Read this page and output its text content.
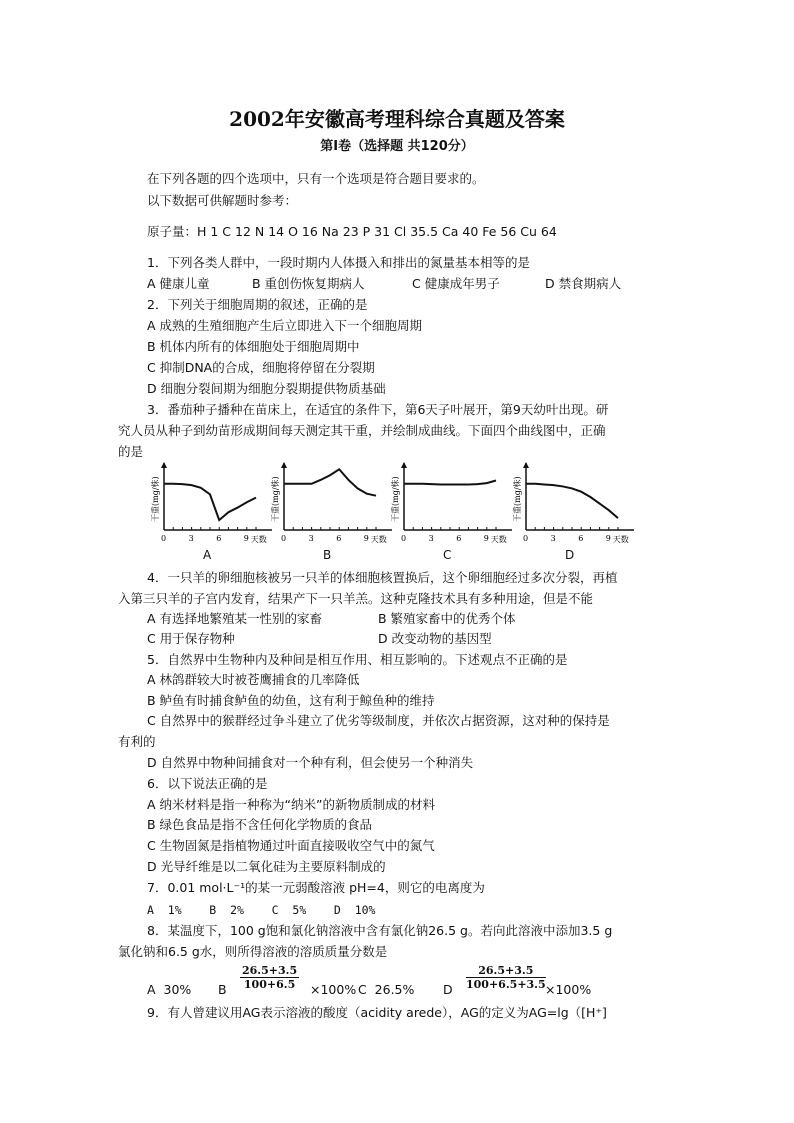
2002年安徽高考理科综合真题及答案
第I卷（选择题 共120分）
在下列各题的四个选项中，只有一个选项是符合题目要求的。
以下数据可供解题时参考：
原子量：H 1 C 12 N 14 O 16 Na 23 P 31 Cl 35.5 Ca 40 Fe 56 Cu 64
1．下列各类人群中，一段时期内人体摄入和排出的氮量基本相等的是
A 健康儿童	B 重创伤恢复期病人	C 健康成年男子	D 禁食期病人
2．下列关于细胞周期的叙述，正确的是
A 成熟的生殖细胞产生后立即进入下一个细胞周期
B 机体内所有的体细胞处于细胞周期中
C 抑制DNA的合成，细胞将停留在分裂期
D 细胞分裂间期为细胞分裂期提供物质基础
3．番茄种子播种在苗床上，在适宜的条件下，第6天子叶展开，第9天幼叶出现。研
究人员从种子到幼苗形成期间每天测定其干重，并绘制成曲线。下面四个曲线图中，正确
的是
干重(mg/株)
0	3	6	9 天数
A
干重(mg/株)
0	3	6	9 天数
B
干重(mg/株)
0	3	6	9 天数
C
干重(mg/株)
0	3	6	9 天数
D
4．一只羊的卵细胞核被另一只羊的体细胞核置换后，这个卵细胞经过多次分裂，再植
入第三只羊的子宫内发育，结果产下一只羊羔。这种克隆技术具有多种用途，但是不能
A 有选择地繁殖某一性别的家畜	B 繁殖家畜中的优秀个体
C 用于保存物种	D 改变动物的基因型
5．自然界中生物种内及种间是相互作用、相互影响的。下述观点不正确的是
A 林鸽群较大时被苍鹰捕食的几率降低
B 鲈鱼有时捕食鲈鱼的幼鱼，这有利于鲸鱼种的维持
C 自然界中的猴群经过争斗建立了优劣等级制度，并依次占据资源，这对种的保持是
有利的
D 自然界中物种间捕食对一个种有利，但会使另一个种消失
6．以下说法正确的是
A 纳米材料是指一种称为“纳米”的新物质制成的材料
B 绿色食品是指不含任何化学物质的食品
C 生物固氮是指植物通过叶面直接吸收空气中的氮气
D 光导纤维是以二氧化硅为主要原料制成的
7．0.01 mol·L⁻¹的某一元弱酸溶液 pH=4，则它的电离度为
A  1%    B  2%    C  5%    D  10%
8．某温度下，100 g饱和氯化钠溶液中含有氯化钠26.5 g。若向此溶液中添加3.5 g
氯化钠和6.5 g水，则所得溶液的溶质质量分数是
A  30% B $\frac{26.5+3.5}{100+6.5} \times 100\%$ C  26.5% D $\frac{26.5+3.5}{100+6.5+3.5} \times 100\%$
9．有人曾建议用AG表示溶液的酸度（acidity arede），AG的定义为AG=lg（[H⁺]
